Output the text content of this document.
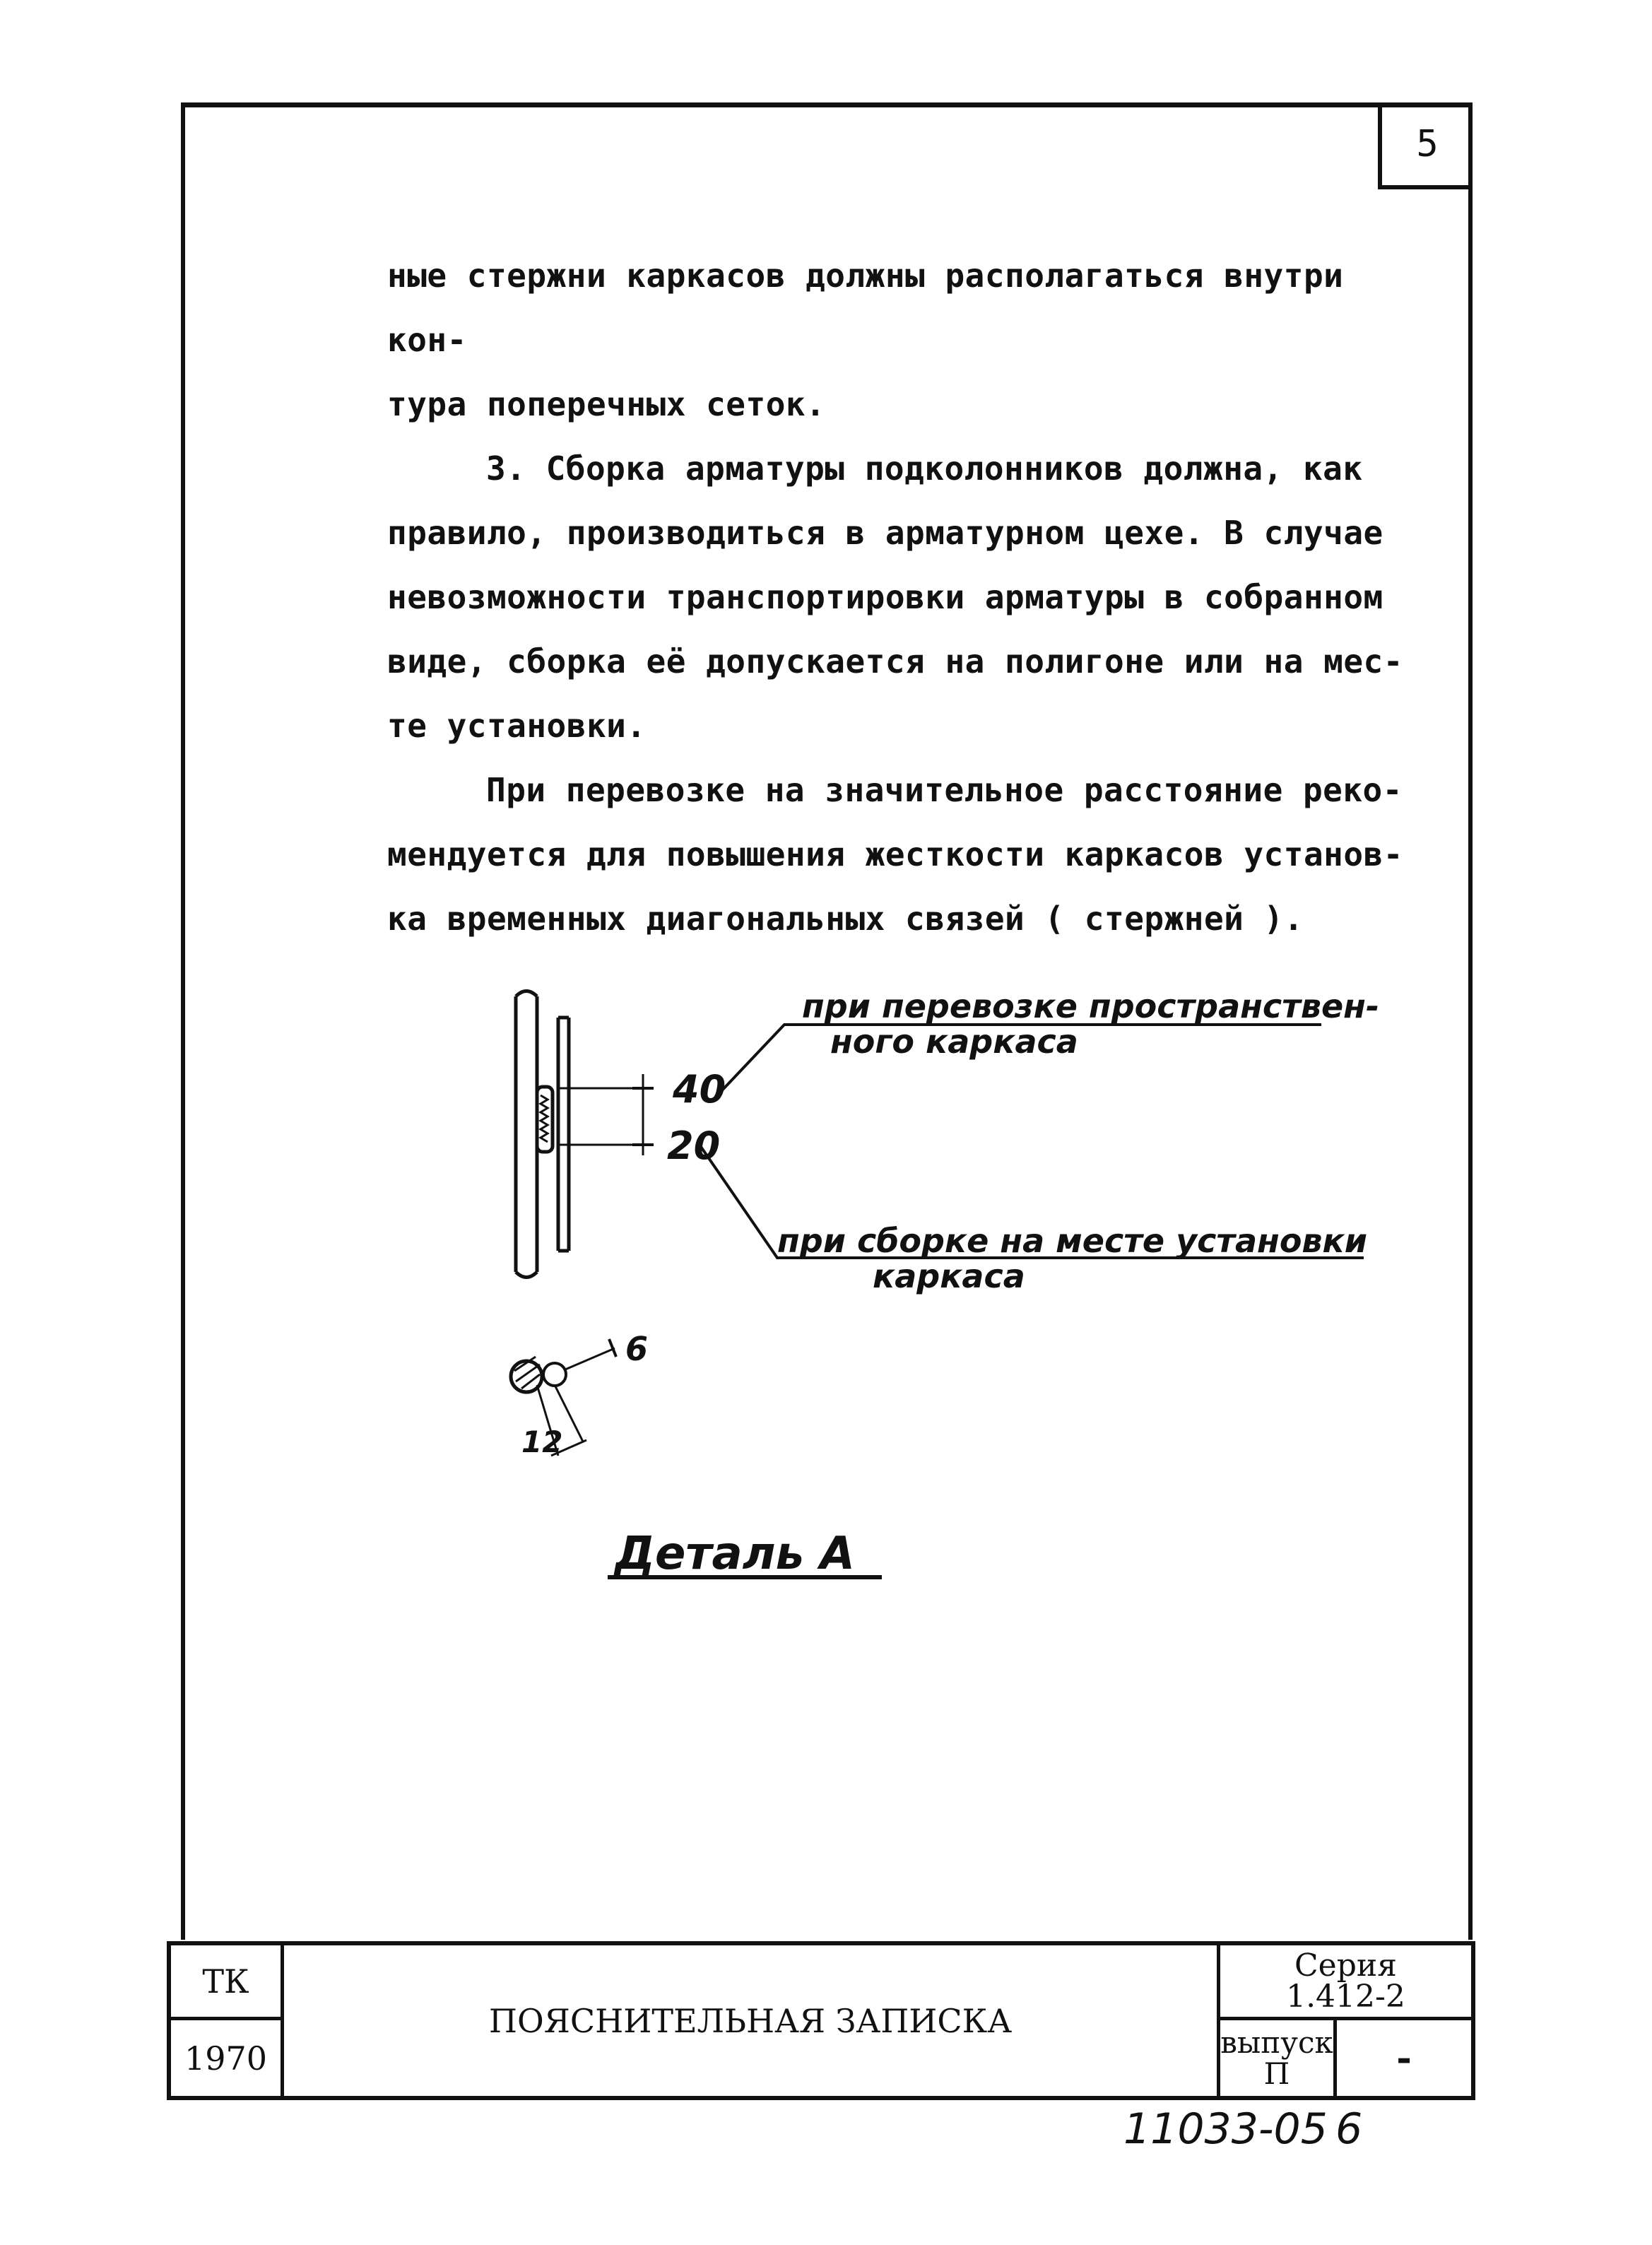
5

ные стержни каркасов должны располагаться внутри кон-

тура поперечных сеток.

3. Сборка арматуры подколонников должна, как

правило, производиться в арматурном цехе. В случае

невозможности транспортировки арматуры в собранном

виде, сборка её допускается на полигоне или на мес-

те установки.

При перевозке на значительное расстояние реко-

мендуется для повышения жесткости каркасов установ-

ка временных диагональных связей ( стержней ).

40
20
при перевозке пространствен-
ного каркаса
при сборке на месте установки
каркаса
6
12
Деталь А
ТК
1970
ПОЯСНИТЕЛЬНАЯ ЗАПИСКА
Серия
1.412-2
выпуск
П	-
11033-05 6
